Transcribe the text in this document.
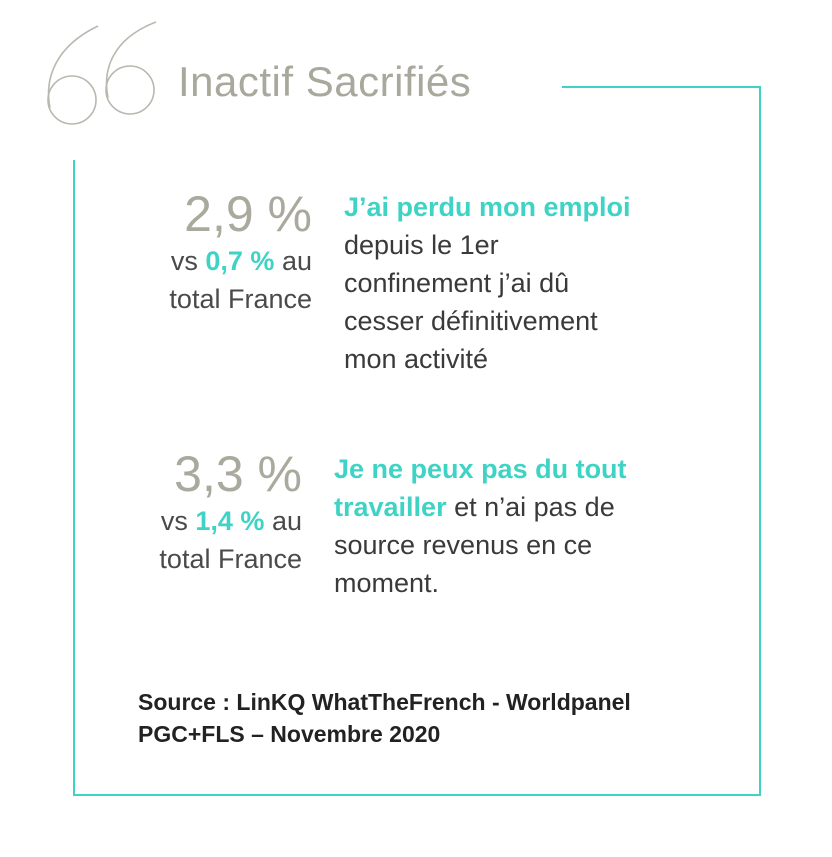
Inactif Sacrifiés
2,9 %
vs 0,7 % au
total France
J’ai perdu mon emploi
depuis le 1er
confinement j’ai dû
cesser définitivement
mon activité
3,3 %
vs 1,4 % au
total France
Je ne peux pas du tout
travailler et n’ai pas de
source revenus en ce
moment.
Source : LinKQ WhatTheFrench - Worldpanel
PGC+FLS – Novembre 2020
